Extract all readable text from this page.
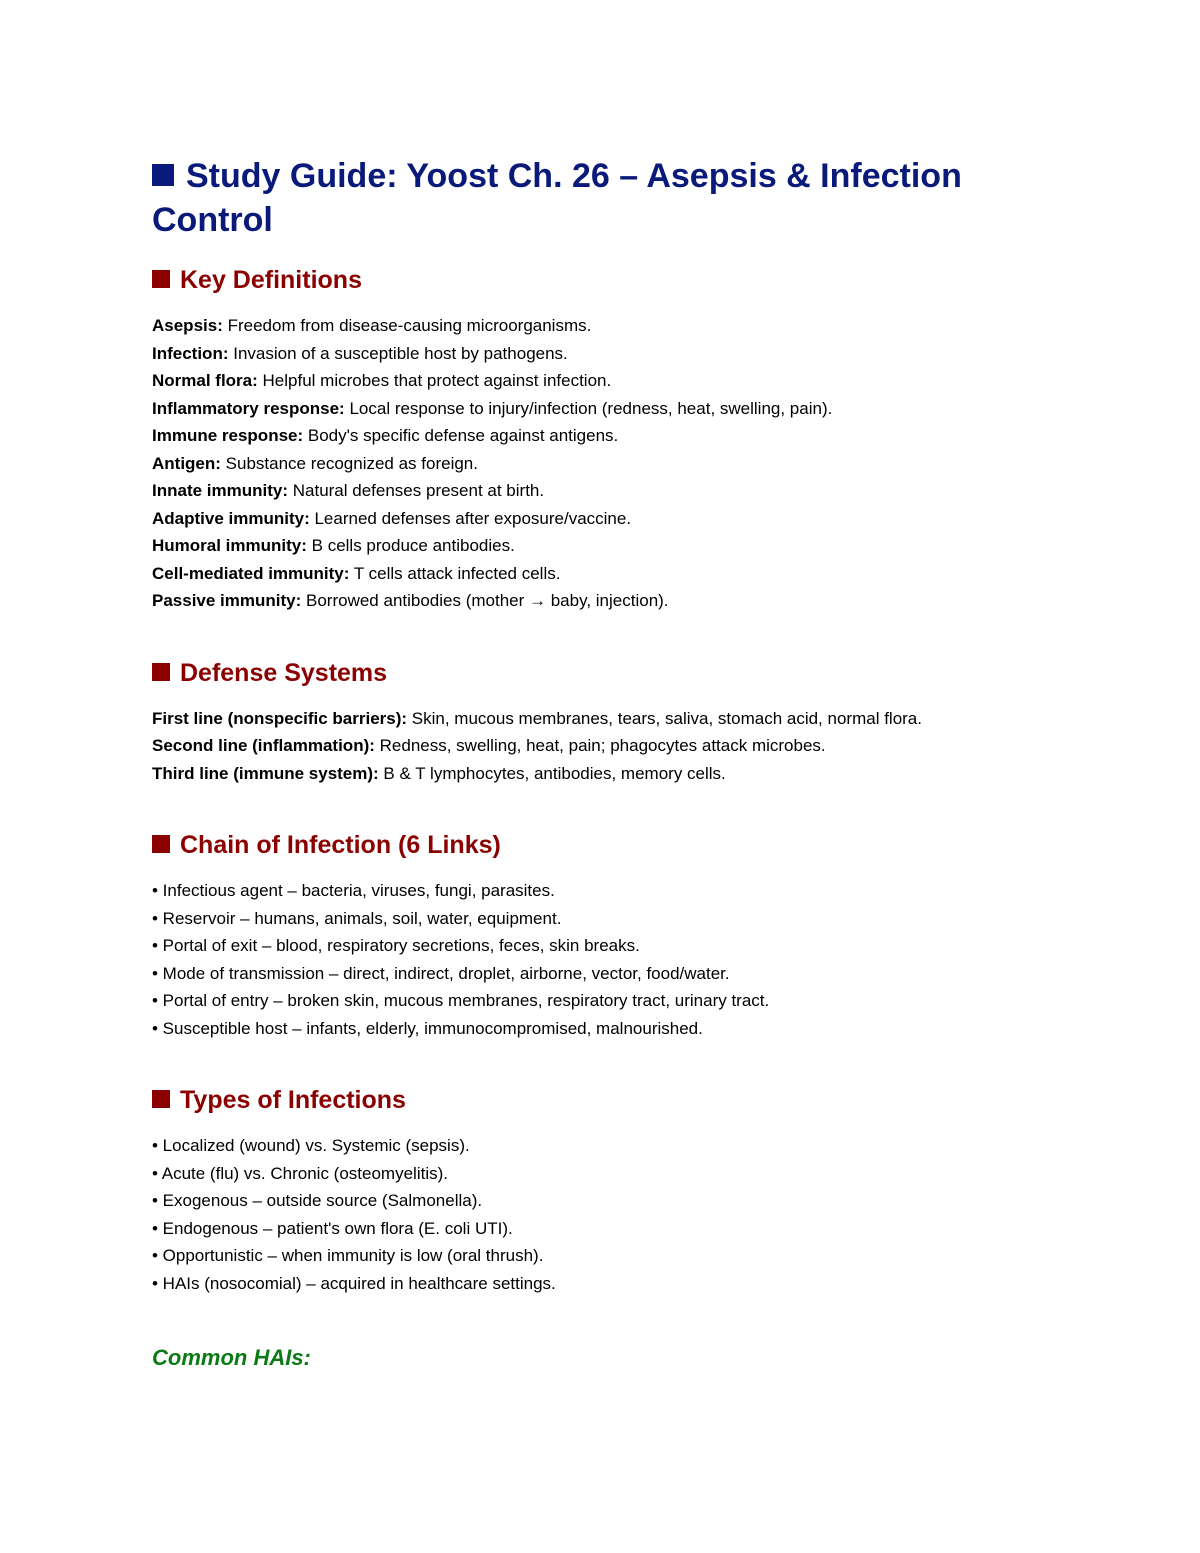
Study Guide: Yoost Ch. 26 – Asepsis & Infection Control
Key Definitions

Asepsis: Freedom from disease-causing microorganisms.

Infection: Invasion of a susceptible host by pathogens.

Normal flora: Helpful microbes that protect against infection.

Inflammatory response: Local response to injury/infection (redness, heat, swelling, pain).

Immune response: Body's specific defense against antigens.

Antigen: Substance recognized as foreign.

Innate immunity: Natural defenses present at birth.

Adaptive immunity: Learned defenses after exposure/vaccine.

Humoral immunity: B cells produce antibodies.

Cell-mediated immunity: T cells attack infected cells.

Passive immunity: Borrowed antibodies (mother → baby, injection).

Defense Systems

First line (nonspecific barriers): Skin, mucous membranes, tears, saliva, stomach acid, normal flora.

Second line (inflammation): Redness, swelling, heat, pain; phagocytes attack microbes.

Third line (immune system): B & T lymphocytes, antibodies, memory cells.

Chain of Infection (6 Links)

• Infectious agent – bacteria, viruses, fungi, parasites.

• Reservoir – humans, animals, soil, water, equipment.

• Portal of exit – blood, respiratory secretions, feces, skin breaks.

• Mode of transmission – direct, indirect, droplet, airborne, vector, food/water.

• Portal of entry – broken skin, mucous membranes, respiratory tract, urinary tract.

• Susceptible host – infants, elderly, immunocompromised, malnourished.

Types of Infections

• Localized (wound) vs. Systemic (sepsis).

• Acute (flu) vs. Chronic (osteomyelitis).

• Exogenous – outside source (Salmonella).

• Endogenous – patient's own flora (E. coli UTI).

• Opportunistic – when immunity is low (oral thrush).

• HAIs (nosocomial) – acquired in healthcare settings.

Common HAIs:
